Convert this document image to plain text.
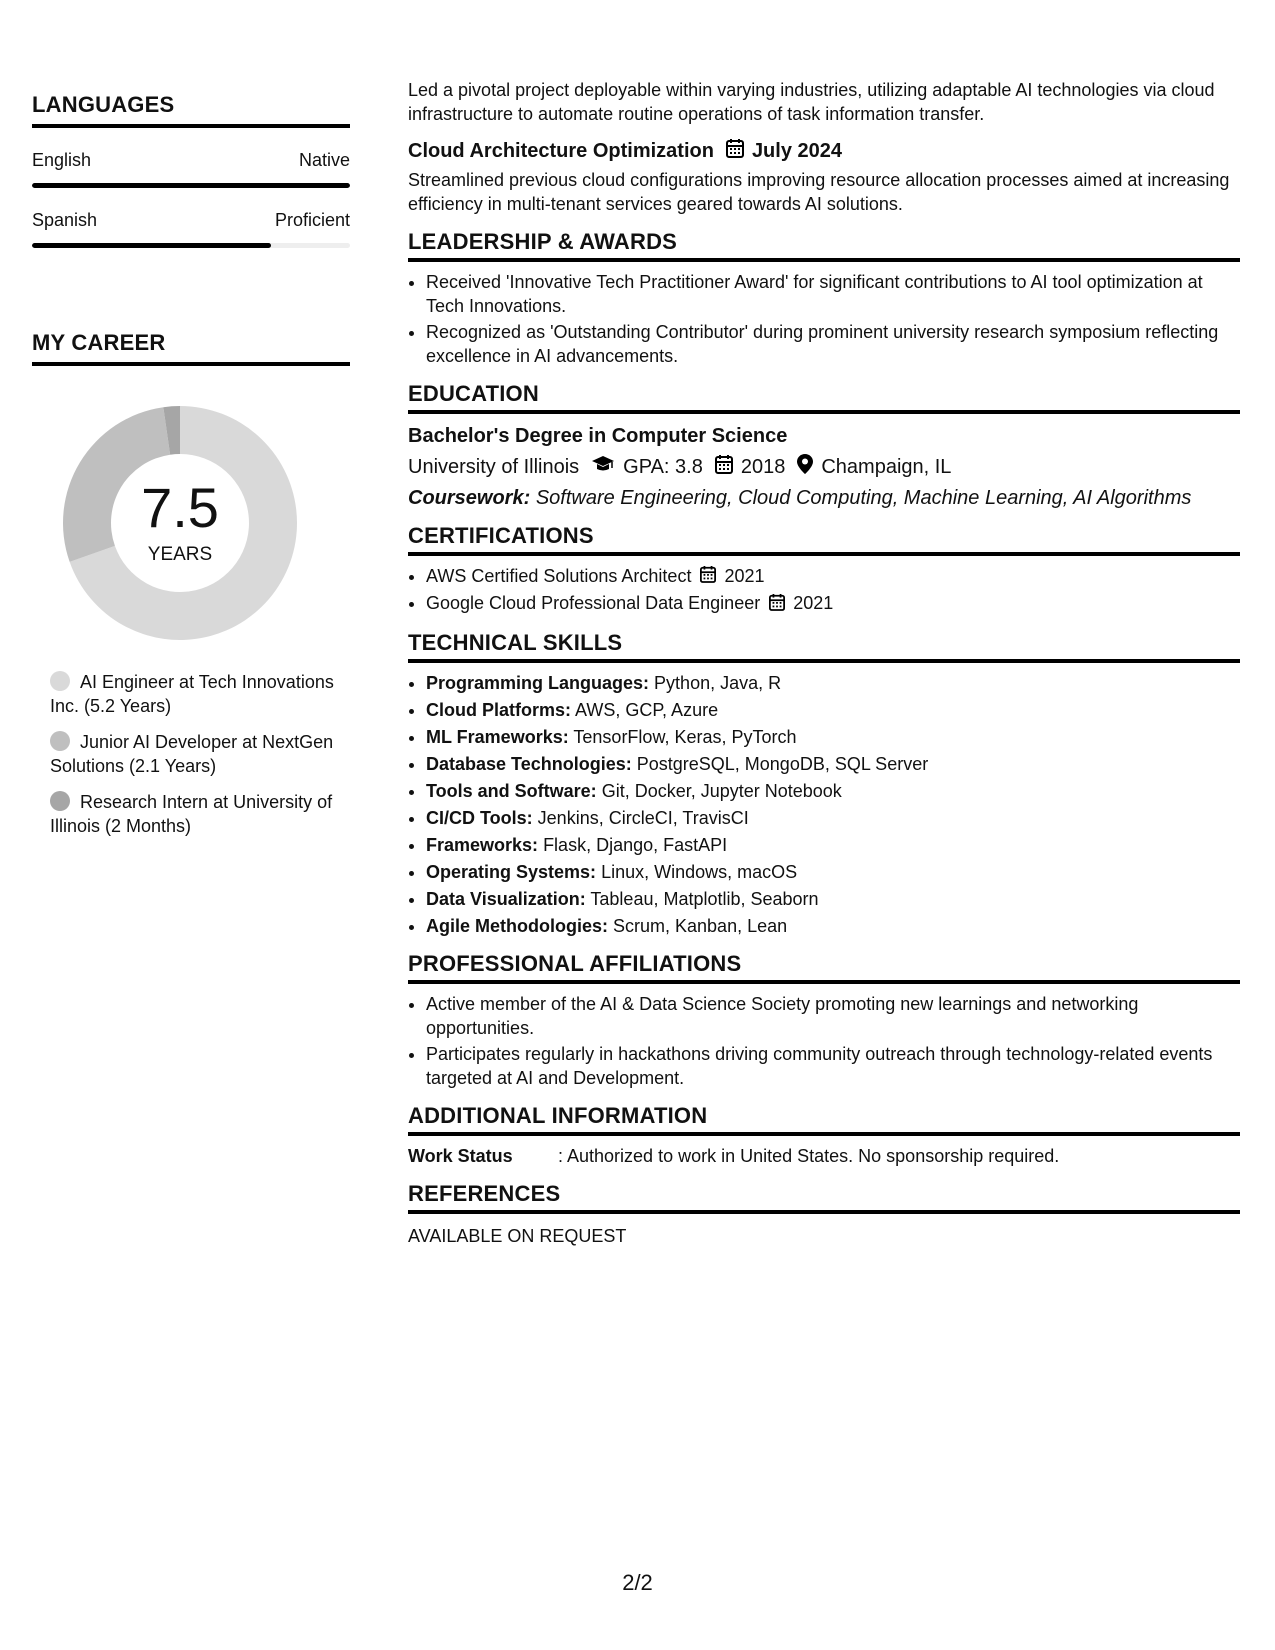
LANGUAGES
English	Native
Spanish	Proficient
MY CAREER
7.5
YEARS
AI Engineer at Tech Innovations Inc. (5.2 Years)
Junior AI Developer at NextGen Solutions (2.1 Years)
Research Intern at University of Illinois (2 Months)

Led a pivotal project deployable within varying industries, utilizing adaptable AI technologies via cloud infrastructure to automate routine operations of task information transfer.

Cloud Architecture Optimization July 2024

Streamlined previous cloud configurations improving resource allocation processes aimed at increasing efficiency in multi-tenant services geared towards AI solutions.

LEADERSHIP & AWARDS
• Received 'Innovative Tech Practitioner Award' for significant contributions to AI tool optimization at Tech Innovations.
• Recognized as 'Outstanding Contributor' during prominent university research symposium reflecting excellence in AI advancements.
EDUCATION
Bachelor's Degree in Computer Science
University of Illinois GPA: 3.8 2018 Champaign, IL
Coursework: Software Engineering, Cloud Computing, Machine Learning, AI Algorithms
CERTIFICATIONS
• AWS Certified Solutions Architect 2021
• Google Cloud Professional Data Engineer 2021
TECHNICAL SKILLS
• Programming Languages: Python, Java, R
• Cloud Platforms: AWS, GCP, Azure
• ML Frameworks: TensorFlow, Keras, PyTorch
• Database Technologies: PostgreSQL, MongoDB, SQL Server
• Tools and Software: Git, Docker, Jupyter Notebook
• CI/CD Tools: Jenkins, CircleCI, TravisCI
• Frameworks: Flask, Django, FastAPI
• Operating Systems: Linux, Windows, macOS
• Data Visualization: Tableau, Matplotlib, Seaborn
• Agile Methodologies: Scrum, Kanban, Lean
PROFESSIONAL AFFILIATIONS
• Active member of the AI & Data Science Society promoting new learnings and networking opportunities.
• Participates regularly in hackathons driving community outreach through technology-related events targeted at AI and Development.
ADDITIONAL INFORMATION
Work Status	: Authorized to work in United States. No sponsorship required.
REFERENCES
AVAILABLE ON REQUEST
2/2
